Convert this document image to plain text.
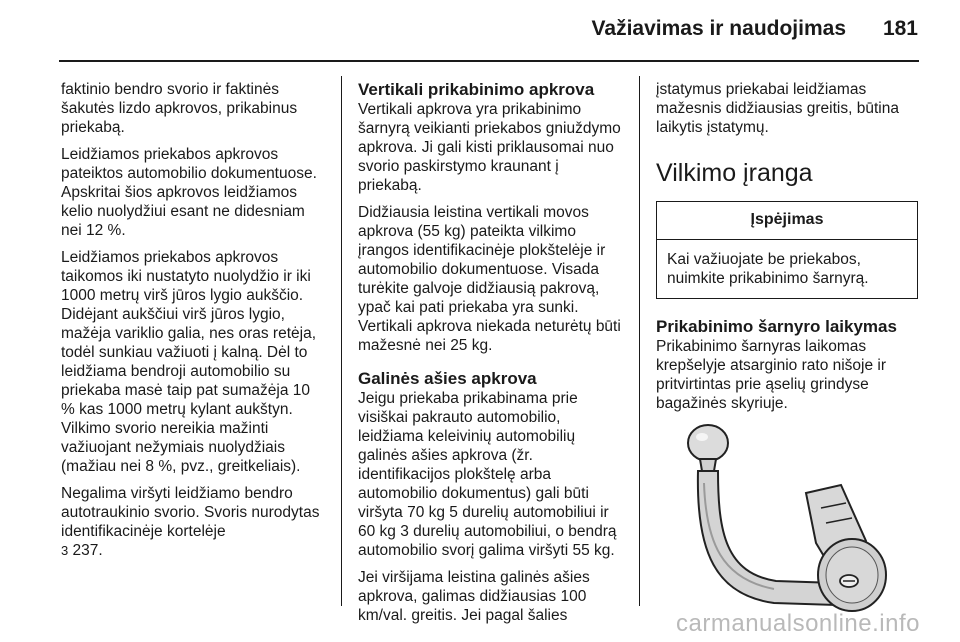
Važiavimas ir naudojimas 181

faktinio bendro svorio ir faktinės šakutės lizdo apkrovos, prikabinus priekabą.

Leidžiamos priekabos apkrovos pateiktos automobilio dokumentuose. Apskritai šios apkrovos leidžiamos kelio nuolydžiui esant ne didesniam nei 12 %.

Leidžiamos priekabos apkrovos taikomos iki nustatyto nuolydžio ir iki 1000 metrų virš jūros lygio aukščio. Didėjant aukščiui virš jūros lygio, mažėja variklio galia, nes oras retėja, todėl sunkiau važiuoti į kalną. Dėl to leidžiama bendroji automobilio su priekaba masė taip pat sumažėja 10 % kas 1000 metrų kylant aukštyn. Vilkimo svorio nereikia mažinti važiuojant nežymiais nuolydžiais (mažiau nei 8 %, pvz., greitkeliais).

Negalima viršyti leidžiamo bendro autotraukinio svorio. Svoris nurodytas identifikacinėje kortelėje
3 237.

Vertikali prikabinimo apkrova

Vertikali apkrova yra prikabinimo šarnyrą veikianti priekabos gniuždymo apkrova. Ji gali kisti priklausomai nuo svorio paskirstymo kraunant į priekabą.

Didžiausia leistina vertikali movos apkrova (55 kg) pateikta vilkimo įrangos identifikacinėje plokštelėje ir automobilio dokumentuose. Visada turėkite galvoje didžiausią pakrovą, ypač kai pati priekaba yra sunki. Vertikali apkrova niekada neturėtų būti mažesnė nei 25 kg.

Galinės ašies apkrova

Jeigu priekaba prikabinama prie visiškai pakrauto automobilio, leidžiama keleivinių automobilių galinės ašies apkrova (žr. identifikacijos plokštelę arba automobilio dokumentus) gali būti viršyta 70 kg 5 durelių automobiliui ir 60 kg 3 durelių automobiliui, o bendrą automobilio svorį galima viršyti 55 kg.

Jei viršijama leistina galinės ašies apkrova, galimas didžiausias 100 km/val. greitis. Jei pagal šalies

įstatymus priekabai leidžiamas mažesnis didžiausias greitis, būtina laikytis įstatymų.

Vilkimo įranga
Įspėjimas
Kai važiuojate be priekabos, nuimkite prikabinimo šarnyrą.
Prikabinimo šarnyro laikymas

Prikabinimo šarnyras laikomas krepšelyje atsarginio rato nišoje ir pritvirtintas prie ąselių grindyse bagažinės skyriuje.

carmanualsonline.info
